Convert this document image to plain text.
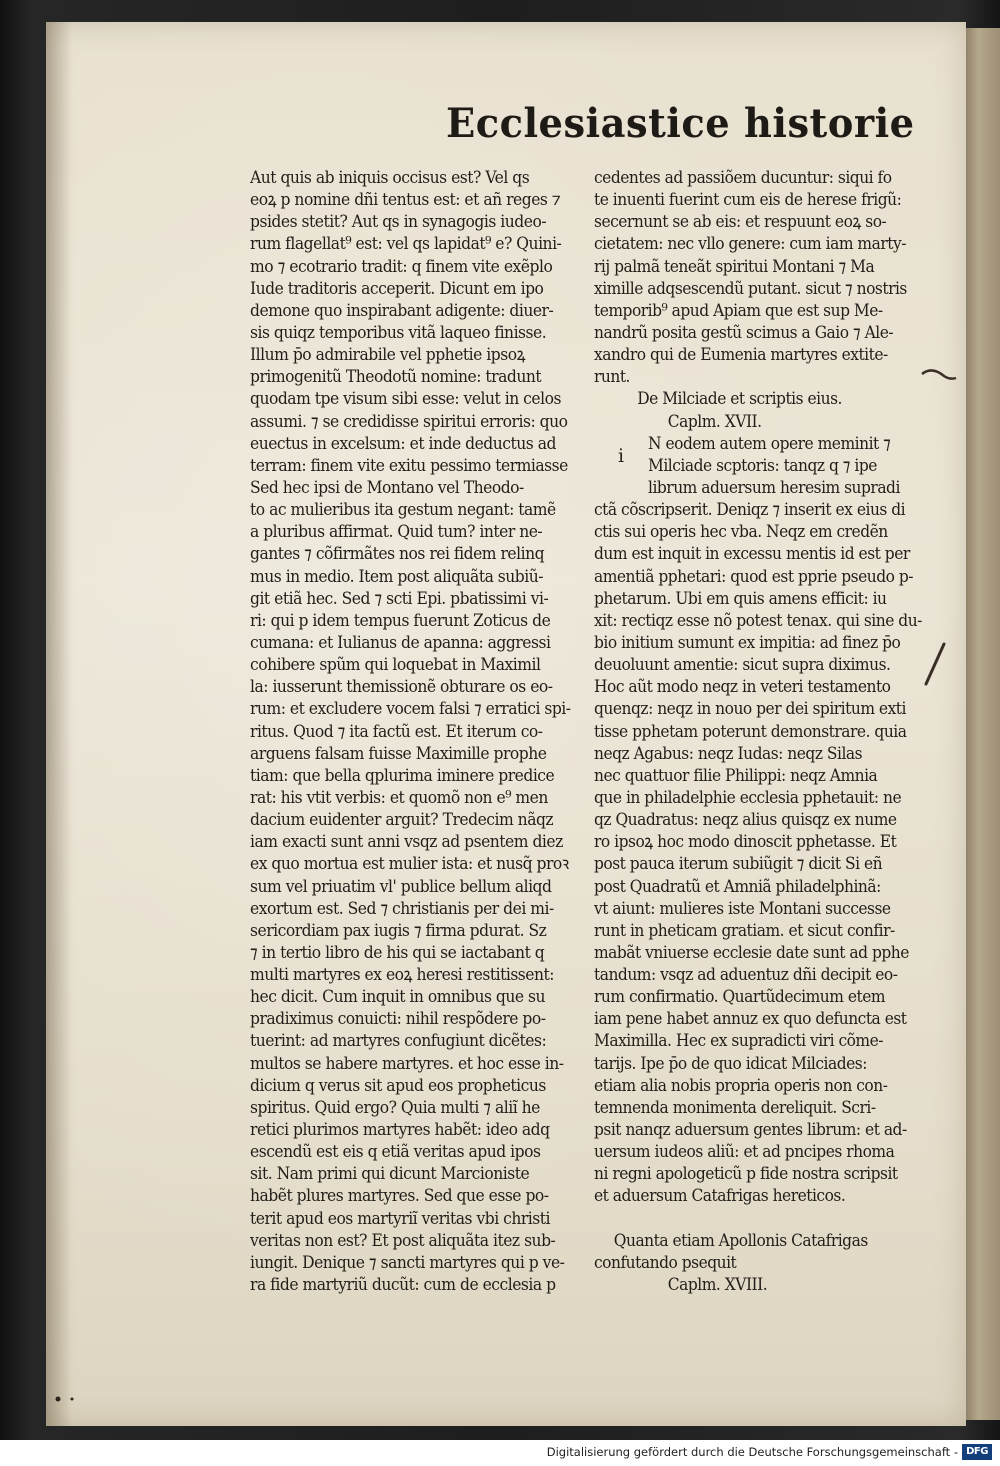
Ecclesiastice historie
Aut quis ab iniquis occisus est? Vel qs
eoꝝ p nomine dñi tentus est: et añ reges ⁊
psides stetit? Aut qs in synagogis iudeo-
rum flagellat⁹ est: vel qs lapidat⁹ e? Quini-
mo ⁊ ecotrario tradit: q finem vite exẽplo
Iude traditoris acceperit. Dicunt em ipo
demone quo inspirabant adigente: diuer-
sis quiqz temporibus vitã laqueo finisse.
Illum p̄o admirabile vel pphetie ipsoꝝ
primogenitũ Theodotũ nomine: tradunt
quodam tpe visum sibi esse: velut in celos
assumi. ⁊ se credidisse spiritui erroris: quo
euectus in excelsum: et inde deductus ad
terram: finem vite exitu pessimo termiasse
Sed hec ipsi de Montano vel Theodo-
to ac mulieribus ita gestum negant: tamẽ
a pluribus affirmat. Quid tum? inter ne-
gantes ⁊ cõfirmãtes nos rei fidem relinq
mus in medio. Item post aliquãta subiũ-
git etiã hec. Sed ⁊ scti Epi. pbatissimi vi-
ri: qui p idem tempus fuerunt Zoticus de
cumana: et Iulianus de apanna: aggressi
cohibere spũm qui loquebat in Maximil
la: iusserunt themissionẽ obturare os eo-
rum: et excludere vocem falsi ⁊ erratici spi-
ritus. Quod ⁊ ita factũ est. Et iterum co-
arguens falsam fuisse Maximille prophe
tiam: que bella qplurima iminere predice
rat: his vtit verbis: et quomõ non e⁹ men
dacium euidenter arguit? Tredecim nãqz
iam exacti sunt anni vsqz ad psentem diez
ex quo mortua est mulier ista: et nusq̃ proꝛ
sum vel priuatim vl' publice bellum aliqd
exortum est. Sed ⁊ christianis per dei mi-
sericordiam pax iugis ⁊ firma pdurat. Sz
⁊ in tertio libro de his qui se iactabant q
multi martyres ex eoꝝ heresi restitissent:
hec dicit. Cum inquit in omnibus que su
pradiximus conuicti: nihil respõdere po-
tuerint: ad martyres confugiunt dicẽtes:
multos se habere martyres. et hoc esse in-
dicium q verus sit apud eos propheticus
spiritus. Quid ergo? Quia multi ⁊ aliĩ he
retici plurimos martyres habẽt: ideo adq
escendũ est eis q etiã veritas apud ipos
sit. Nam primi qui dicunt Marcioniste
habẽt plures martyres. Sed que esse po-
terit apud eos martyriĩ veritas vbi christi
veritas non est? Et post aliquãta itez sub-
iungit. Denique ⁊ sancti martyres qui p ve-
ra fide martyriũ ducũt: cum de ecclesia p
cedentes ad passiõem ducuntur: siqui fo
te inuenti fuerint cum eis de herese frigũ:
secernunt se ab eis: et respuunt eoꝝ so-
cietatem: nec vllo genere: cum iam marty-
rij palmã teneãt spiritui Montani ⁊ Ma
ximille adqsescendũ putant. sicut ⁊ nostris
temporib⁹ apud Apiam que est sup Me-
nandrũ posita gestũ scimus a Gaio ⁊ Ale-
xandro qui de Eumenia martyres extite-
runt.
De Milciade et scriptis eius.
Caplm. XVII.
N eodem autem opere meminit ⁊
Milciade scptoris: tanqz q ⁊ ipe
librum aduersum heresim supradi
ctã cõscripserit. Deniqz ⁊ inserit ex eius di
ctis sui operis hec vba. Neqz em credẽn
dum est inquit in excessu mentis id est per
amentiã pphetari: quod est pprie pseudo p-
phetarum. Ubi em quis amens efficit: iu
xit: rectiqz esse nõ potest tenax. qui sine du-
bio initium sumunt ex impitia: ad finez p̄o
deuoluunt amentie: sicut supra diximus.
Hoc aũt modo neqz in veteri testamento
quenqz: neqz in nouo per dei spiritum exti
tisse pphetam poterunt demonstrare. quia
neqz Agabus: neqz Iudas: neqz Silas
nec quattuor filie Philippi: neqz Amnia
que in philadelphie ecclesia pphetauit: ne
qz Quadratus: neqz alius quisqz ex nume
ro ipsoꝝ hoc modo dinoscit pphetasse. Et
post pauca iterum subiũgit ⁊ dicit Si eñ
post Quadratũ et Amniã philadelphinã:
vt aiunt: mulieres iste Montani successe
runt in pheticam gratiam. et sicut confir-
mabãt vniuerse ecclesie date sunt ad pphe
tandum: vsqz ad aduentuz dñi decipit eo-
rum confirmatio. Quartũdecimum etem
iam pene habet annuz ex quo defuncta est
Maximilla. Hec ex supradicti viri cõme-
tarijs. Ipe p̄o de quo idicat Milciades:
etiam alia nobis propria operis non con-
temnenda monimenta dereliquit. Scri-
psit nanqz aduersum gentes librum: et ad-
uersum iudeos aliũ: et ad pncipes rhoma
ni regni apologeticũ p fide nostra scripsit
et aduersum Catafrigas hereticos.
Quanta etiam Apollonis Catafrigas
confutando psequit
Caplm. XVIII.
i
Digitalisierung gefördert durch die Deutsche Forschungsgemeinschaft - DFG
